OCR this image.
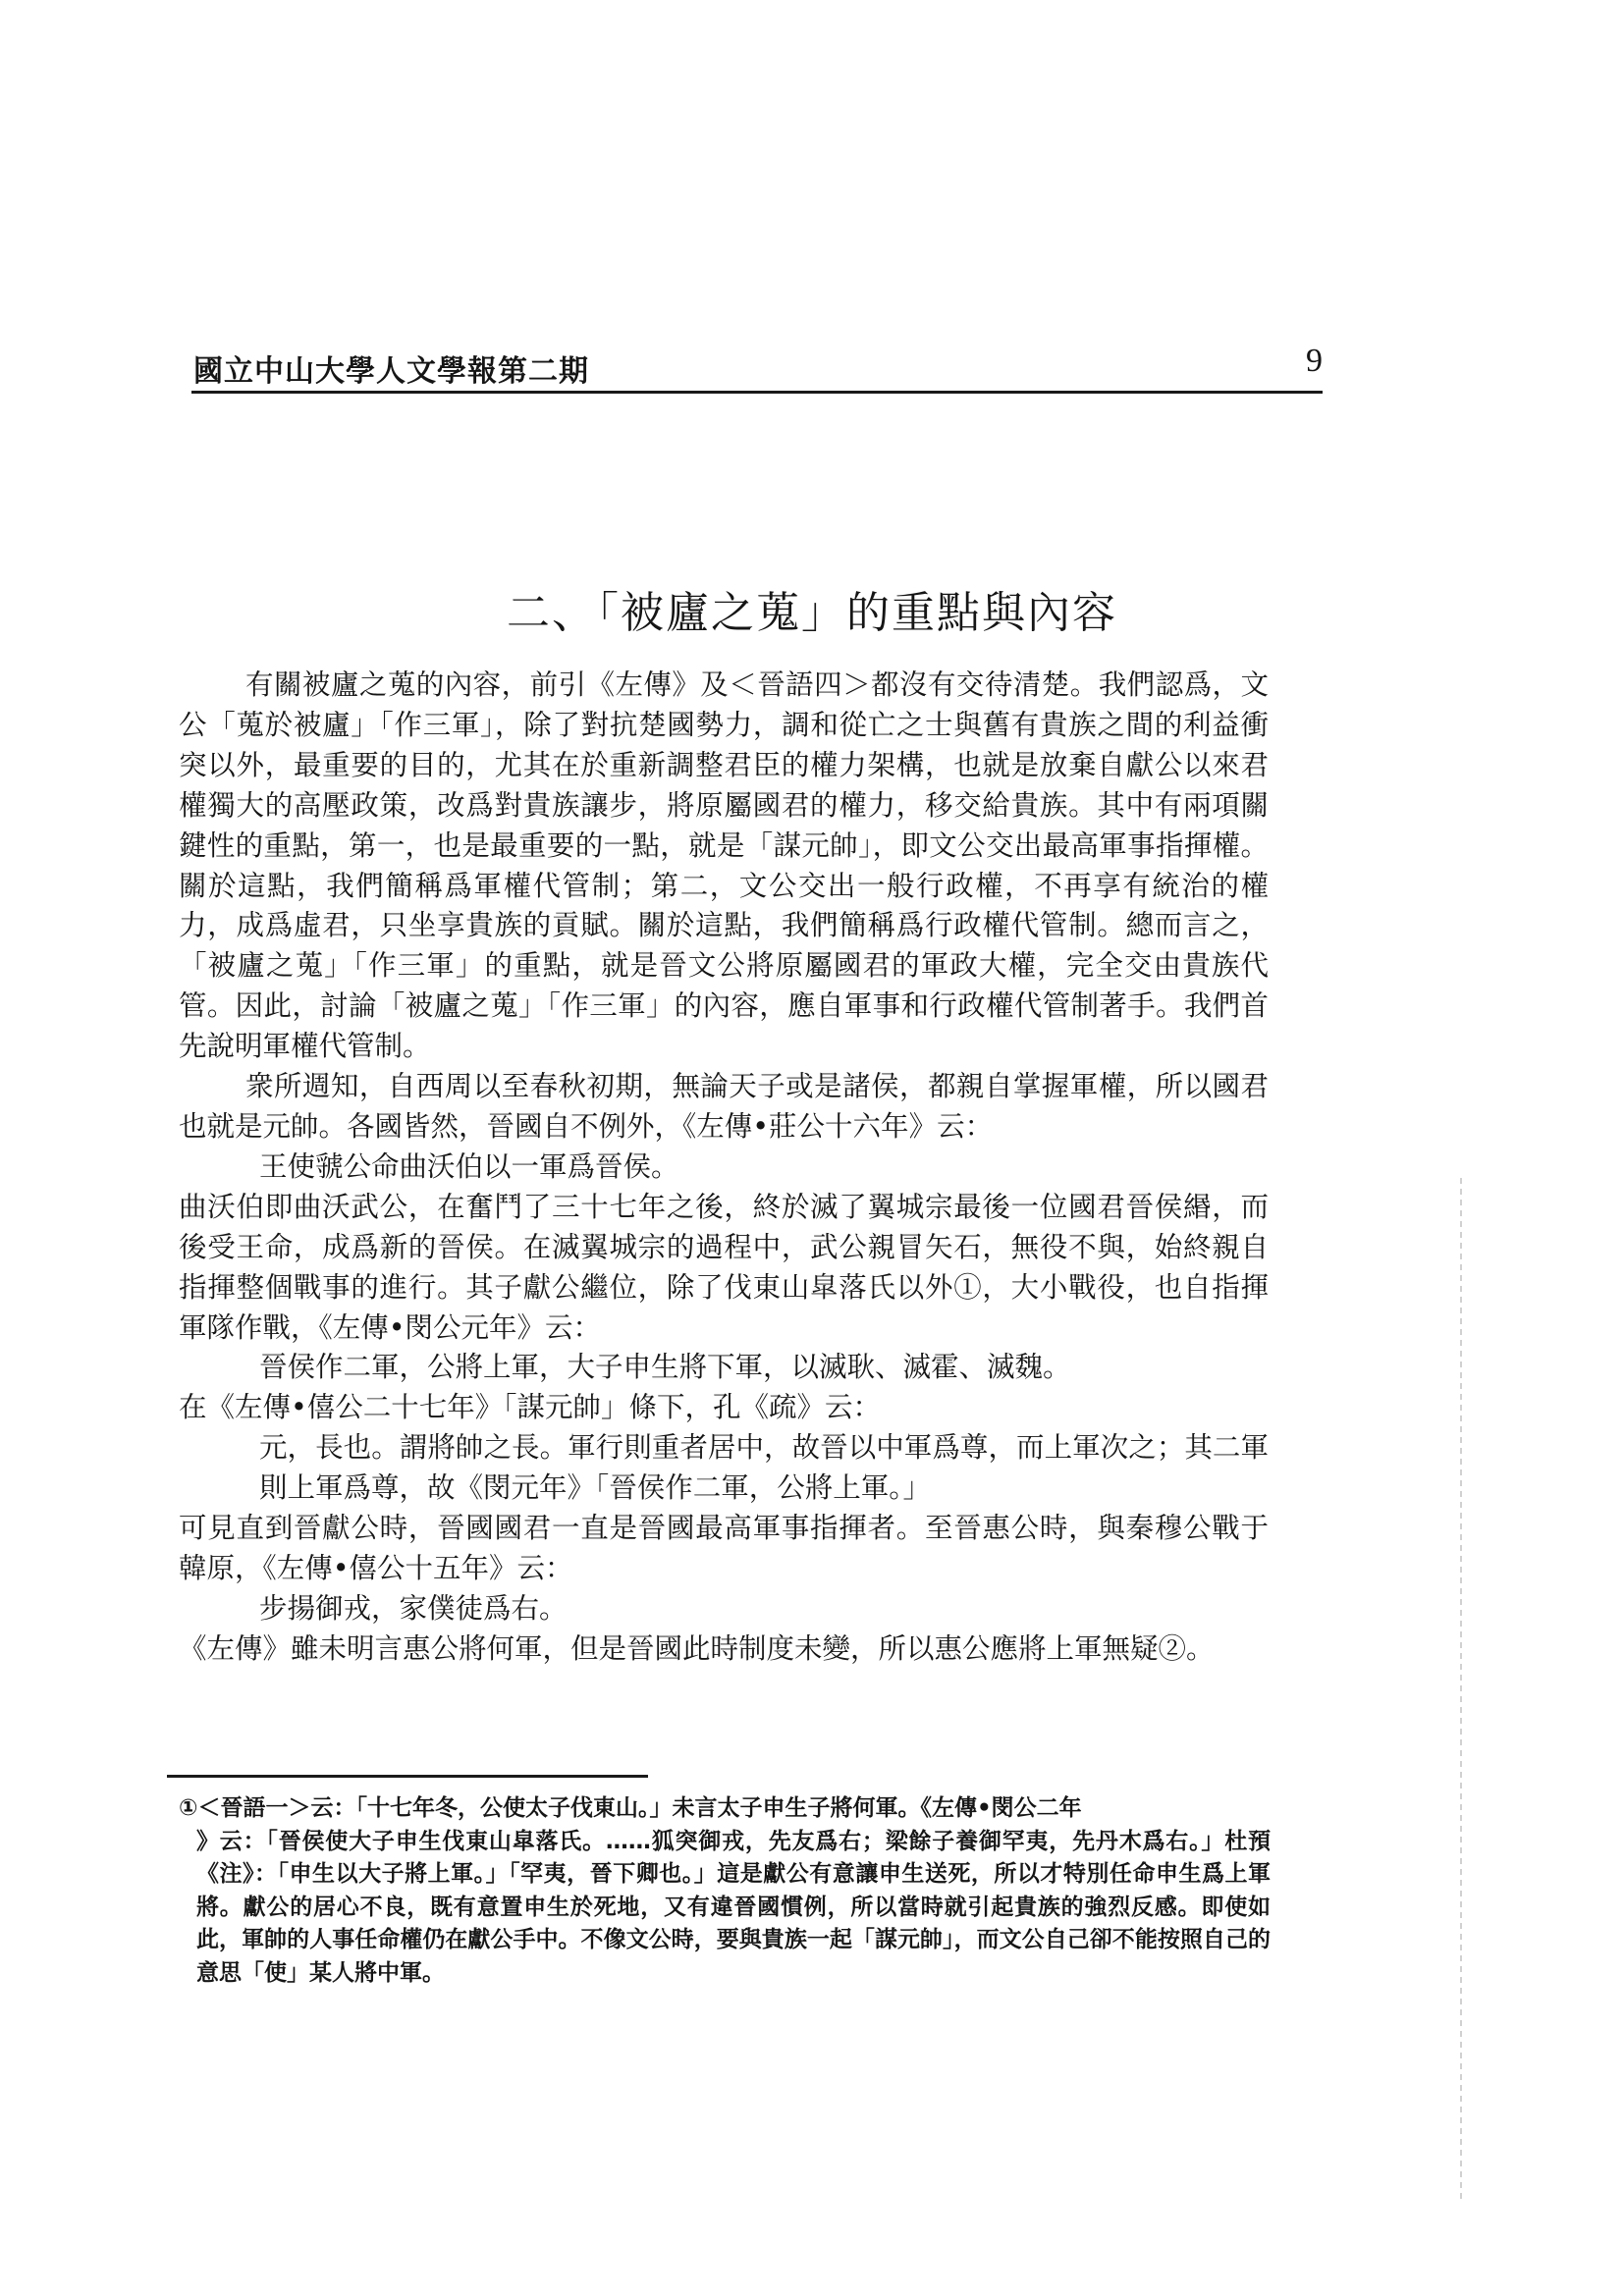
國立中山大學人文學報第二期	9
二、「被廬之蒐」的重點與內容

有關被廬之蒐的內容，前引《左傳》及＜晉語四＞都沒有交待清楚。我們認爲，文公「蒐於被廬」「作三軍」，除了對抗楚國勢力，調和從亡之士與舊有貴族之間的利益衝突以外，最重要的目的，尤其在於重新調整君臣的權力架構，也就是放棄自獻公以來君權獨大的高壓政策，改爲對貴族讓步，將原屬國君的權力，移交給貴族。其中有兩項關鍵性的重點，第一，也是最重要的一點，就是「謀元帥」，即文公交出最高軍事指揮權。關於這點，我們簡稱爲軍權代管制；第二，文公交出一般行政權，不再享有統治的權力，成爲虛君，只坐享貴族的貢賦。關於這點，我們簡稱爲行政權代管制。總而言之，「被廬之蒐」「作三軍」的重點，就是晉文公將原屬國君的軍政大權，完全交由貴族代管。因此，討論「被廬之蒐」「作三軍」的內容，應自軍事和行政權代管制著手。我們首先說明軍權代管制。

衆所週知，自西周以至春秋初期，無論天子或是諸侯，都親自掌握軍權，所以國君也就是元帥。各國皆然，晉國自不例外，《左傳•莊公十六年》云：

王使虢公命曲沃伯以一軍爲晉侯。

曲沃伯即曲沃武公，在奮鬥了三十七年之後，終於滅了翼城宗最後一位國君晉侯緡，而後受王命，成爲新的晉侯。在滅翼城宗的過程中，武公親冒矢石，無役不與，始終親自指揮整個戰事的進行。其子獻公繼位，除了伐東山皐落氏以外①，大小戰役，也自指揮軍隊作戰，《左傳•閔公元年》云：

晉侯作二軍，公將上軍，大子申生將下軍，以滅耿、滅霍、滅魏。

在《左傳•僖公二十七年》「謀元帥」條下，孔《疏》云：

元，長也。謂將帥之長。軍行則重者居中，故晉以中軍爲尊，而上軍次之；其二軍則上軍爲尊，故《閔元年》「晉侯作二軍，公將上軍。」

可見直到晉獻公時，晉國國君一直是晉國最高軍事指揮者。至晉惠公時，與秦穆公戰于韓原，《左傳•僖公十五年》云：

步揚御戎，家僕徒爲右。

《左傳》雖未明言惠公將何軍，但是晉國此時制度未變，所以惠公應將上軍無疑②。

①＜晉語一＞云：「十七年冬，公使太子伐東山。」未言太子申生子將何軍。《左傳•閔公二年
》云：「晉侯使大子申生伐東山皐落氏。……狐突御戎，先友爲右；梁餘子養御罕夷，先丹木爲右。」杜預《注》：「申生以大子將上軍。」「罕夷，晉下卿也。」這是獻公有意讓申生送死，所以才特別任命申生爲上軍將。獻公的居心不良，既有意置申生於死地，又有違晉國慣例，所以當時就引起貴族的強烈反感。即使如此，軍帥的人事任命權仍在獻公手中。不像文公時，要與貴族一起「謀元帥」，而文公自己卻不能按照自己的意思「使」某人將中軍。
